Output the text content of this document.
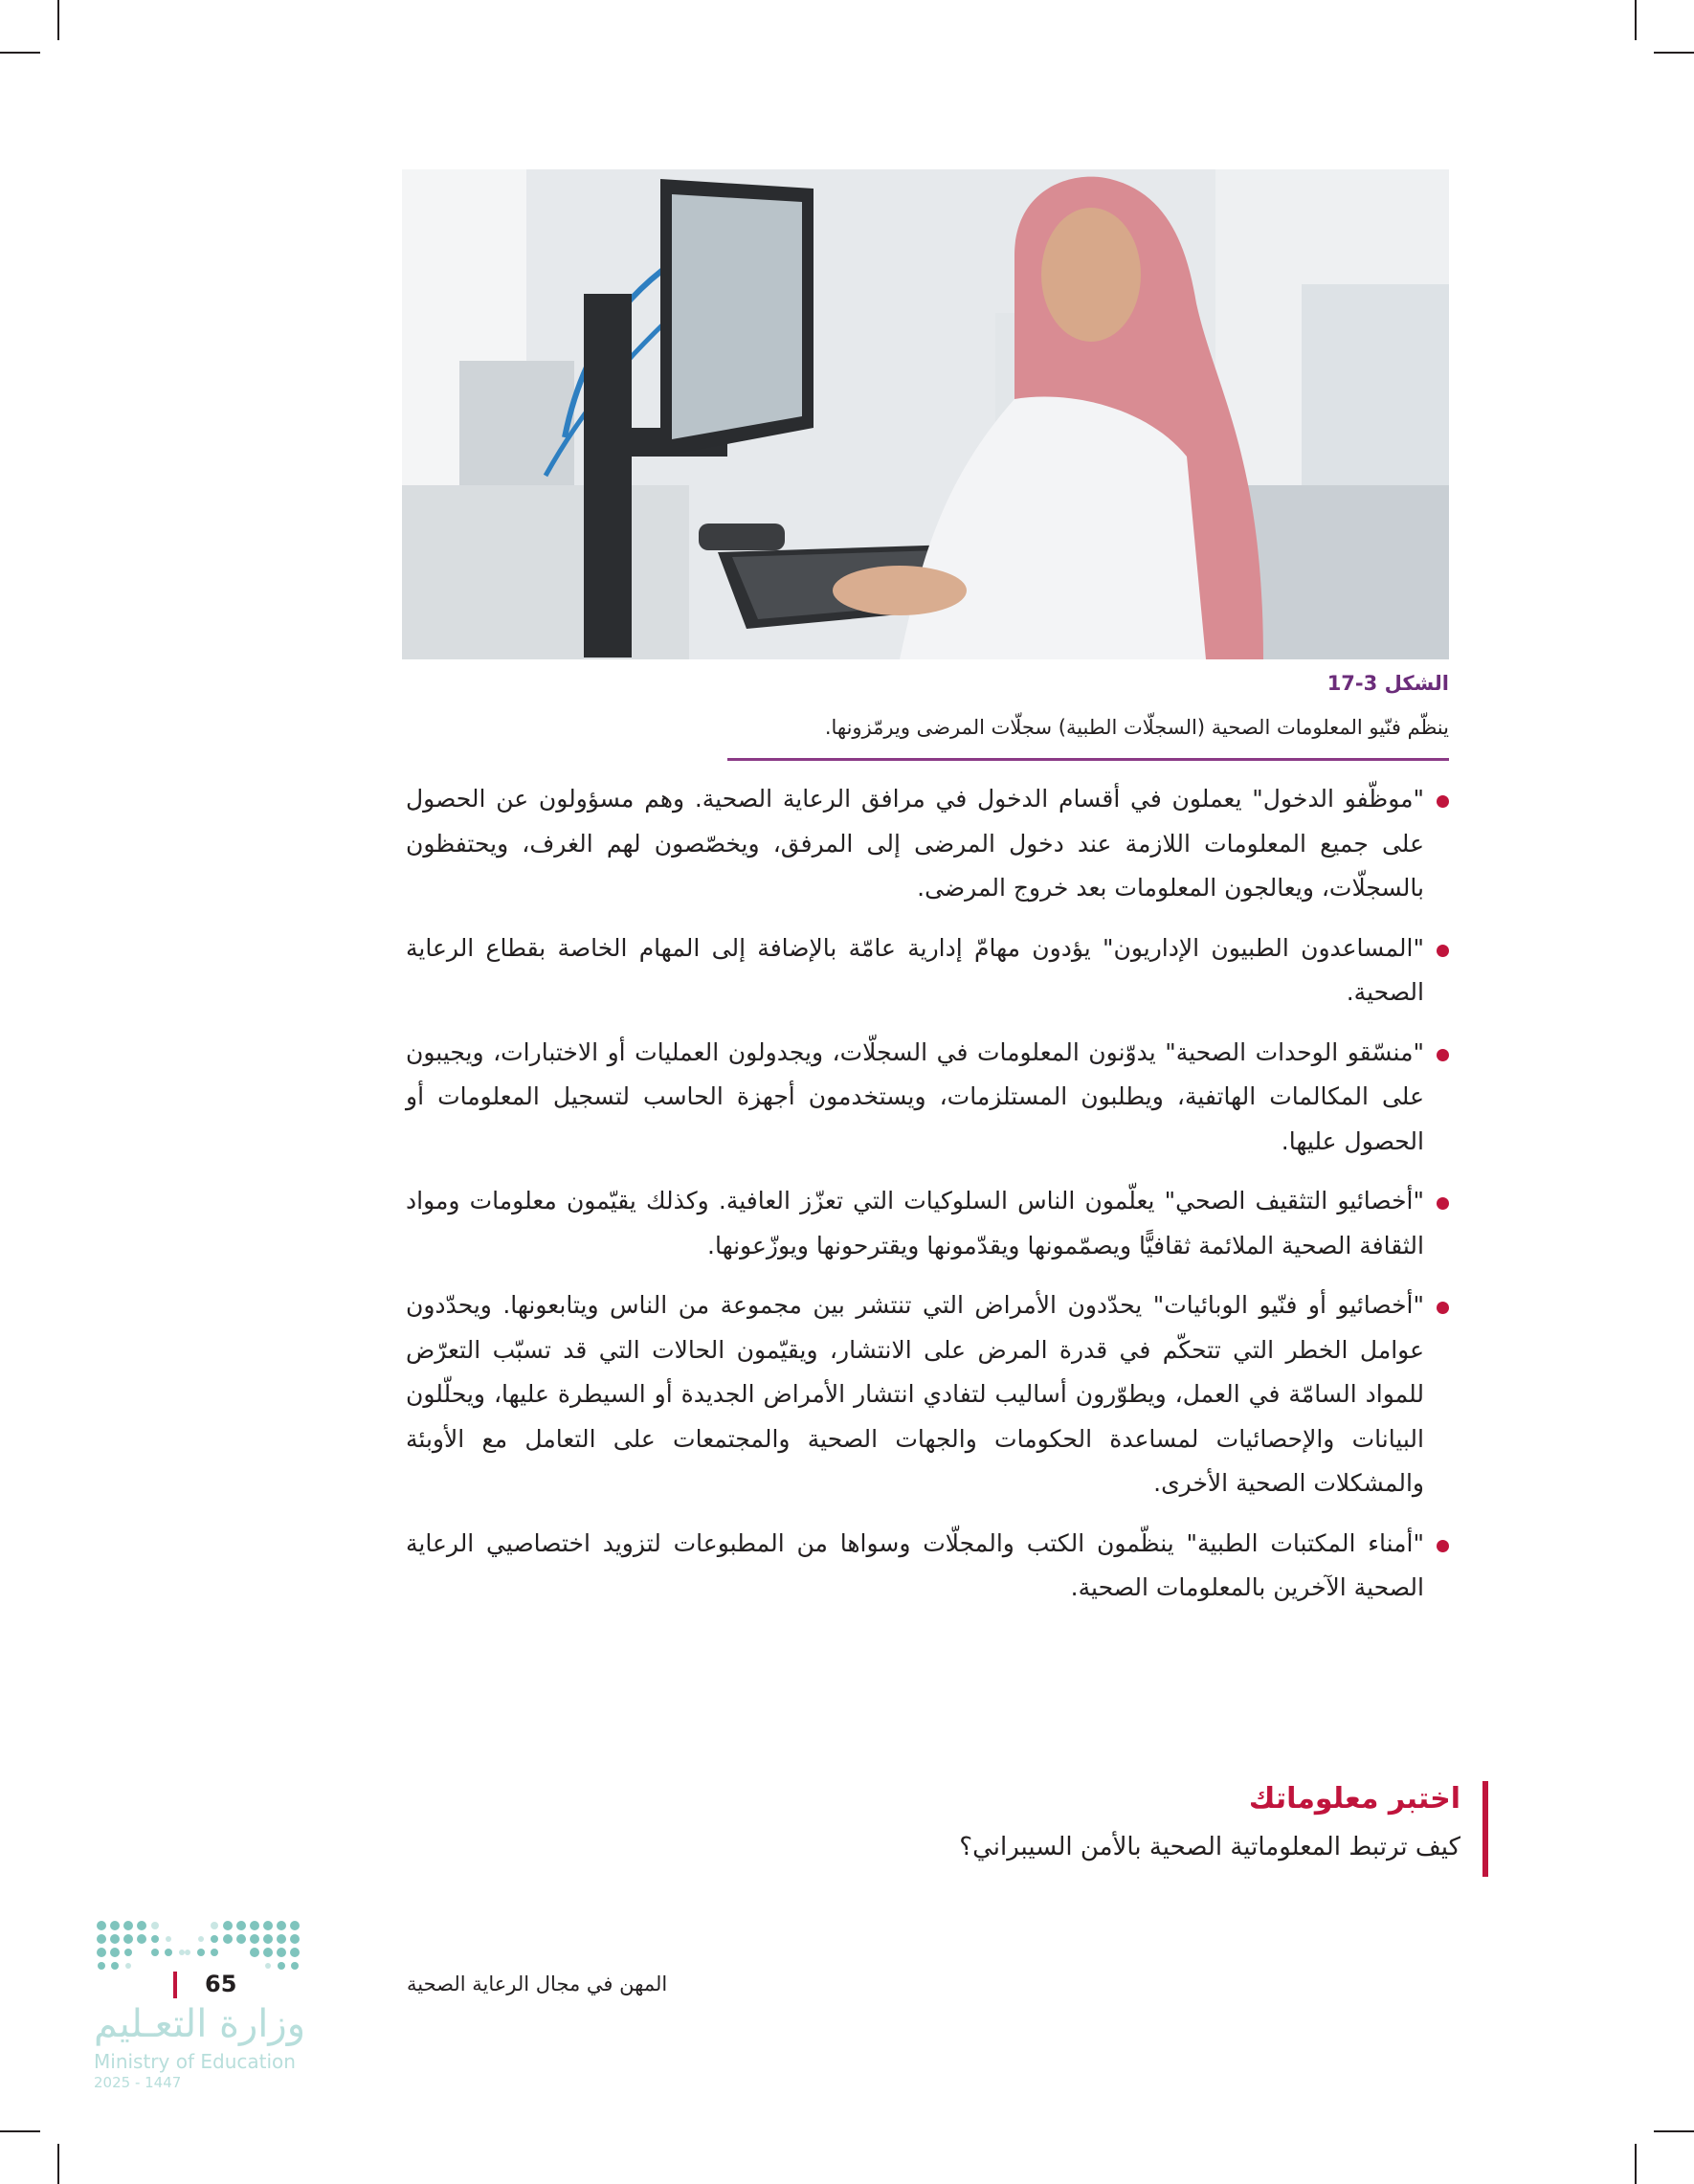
الشكل 3-17
ينظّم فنّيو المعلومات الصحية (السجلّات الطبية) سجلّات المرضى ويرمّزونها.
"موظّفو الدخول" يعملون في أقسام الدخول في مرافق الرعاية الصحية. وهم مسؤولون عن الحصول على جميع المعلومات اللازمة عند دخول المرضى إلى المرفق، ويخصّصون لهم الغرف، ويحتفظون بالسجلّات، ويعالجون المعلومات بعد خروج المرضى.
"المساعدون الطبيون الإداريون" يؤدون مهامّ إدارية عامّة بالإضافة إلى المهام الخاصة بقطاع الرعاية الصحية.
"منسّقو الوحدات الصحية" يدوّنون المعلومات في السجلّات، ويجدولون العمليات أو الاختبارات، ويجيبون على المكالمات الهاتفية، ويطلبون المستلزمات، ويستخدمون أجهزة الحاسب لتسجيل المعلومات أو الحصول عليها.
"أخصائيو التثقيف الصحي" يعلّمون الناس السلوكيات التي تعزّز العافية. وكذلك يقيّمون معلومات ومواد الثقافة الصحية الملائمة ثقافيًّا ويصمّمونها ويقدّمونها ويقترحونها ويوزّعونها.
"أخصائيو أو فنّيو الوبائيات" يحدّدون الأمراض التي تنتشر بين مجموعة من الناس ويتابعونها. ويحدّدون عوامل الخطر التي تتحكّم في قدرة المرض على الانتشار، ويقيّمون الحالات التي قد تسبّب التعرّض للمواد السامّة في العمل، ويطوّرون أساليب لتفادي انتشار الأمراض الجديدة أو السيطرة عليها، ويحلّلون البيانات والإحصائيات لمساعدة الحكومات والجهات الصحية والمجتمعات على التعامل مع الأوبئة والمشكلات الصحية الأخرى.
"أمناء المكتبات الطبية" ينظّمون الكتب والمجلّات وسواها من المطبوعات لتزويد اختصاصيي الرعاية الصحية الآخرين بالمعلومات الصحية.
اختبر معلوماتك
كيف ترتبط المعلوماتية الصحية بالأمن السيبراني؟
65	المهن في مجال الرعاية الصحية
وزارة التعـليم
Ministry of Education
2025 - 1447
